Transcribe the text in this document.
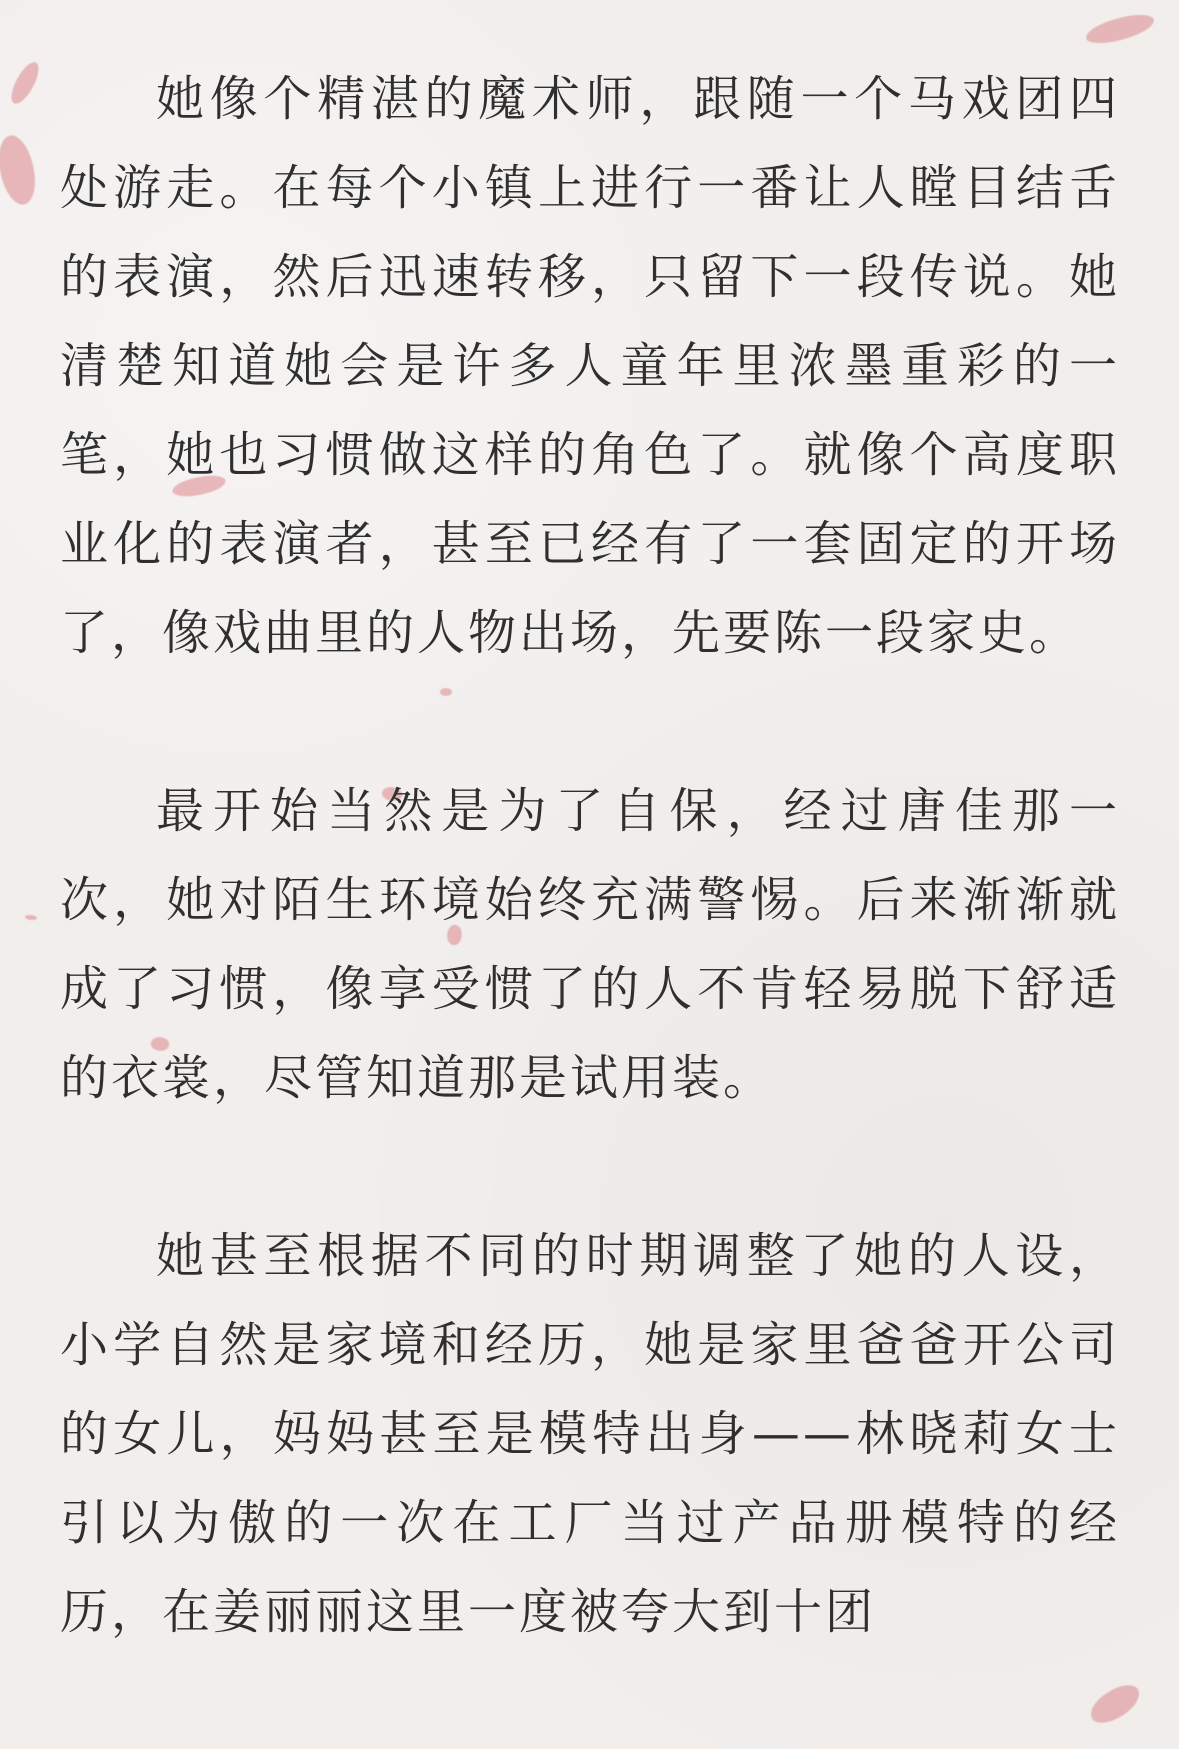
她像个精湛的魔术师，跟随一个马戏团四处游走。在每个小镇上进行一番让人瞠目结舌的表演，然后迅速转移，只留下一段传说。她清楚知道她会是许多人童年里浓墨重彩的一笔，她也习惯做这样的角色了。就像个高度职业化的表演者，甚至已经有了一套固定的开场了，像戏曲里的人物出场，先要陈一段家史。

最开始当然是为了自保，经过唐佳那一次，她对陌生环境始终充满警惕。后来渐渐就成了习惯，像享受惯了的人不肯轻易脱下舒适的衣裳，尽管知道那是试用装。

她甚至根据不同的时期调整了她的人设，小学自然是家境和经历，她是家里爸爸开公司的女儿，妈妈甚至是模特出身——林晓莉女士引以为傲的一次在工厂当过产品册模特的经历，在姜丽丽这里一度被夸大到十团
